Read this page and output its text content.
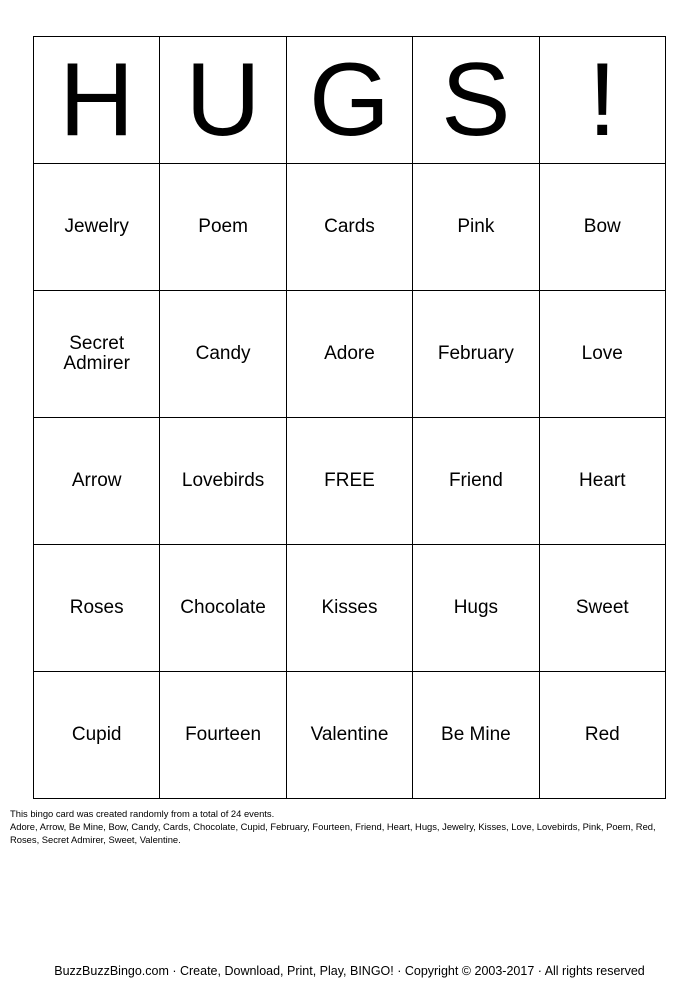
H	U	G	S	!
Jewelry	Poem	Cards	Pink	Bow
Secret Admirer	Candy	Adore	February	Love
Arrow	Lovebirds	FREE	Friend	Heart
Roses	Chocolate	Kisses	Hugs	Sweet
Cupid	Fourteen	Valentine	Be Mine	Red
This bingo card was created randomly from a total of 24 events.
Adore, Arrow, Be Mine, Bow, Candy, Cards, Chocolate, Cupid, February, Fourteen, Friend, Heart, Hugs, Jewelry, Kisses, Love, Lovebirds, Pink, Poem, Red, Roses, Secret Admirer, Sweet, Valentine.
BuzzBuzzBingo.com · Create, Download, Print, Play, BINGO! · Copyright © 2003-2017 · All rights reserved
